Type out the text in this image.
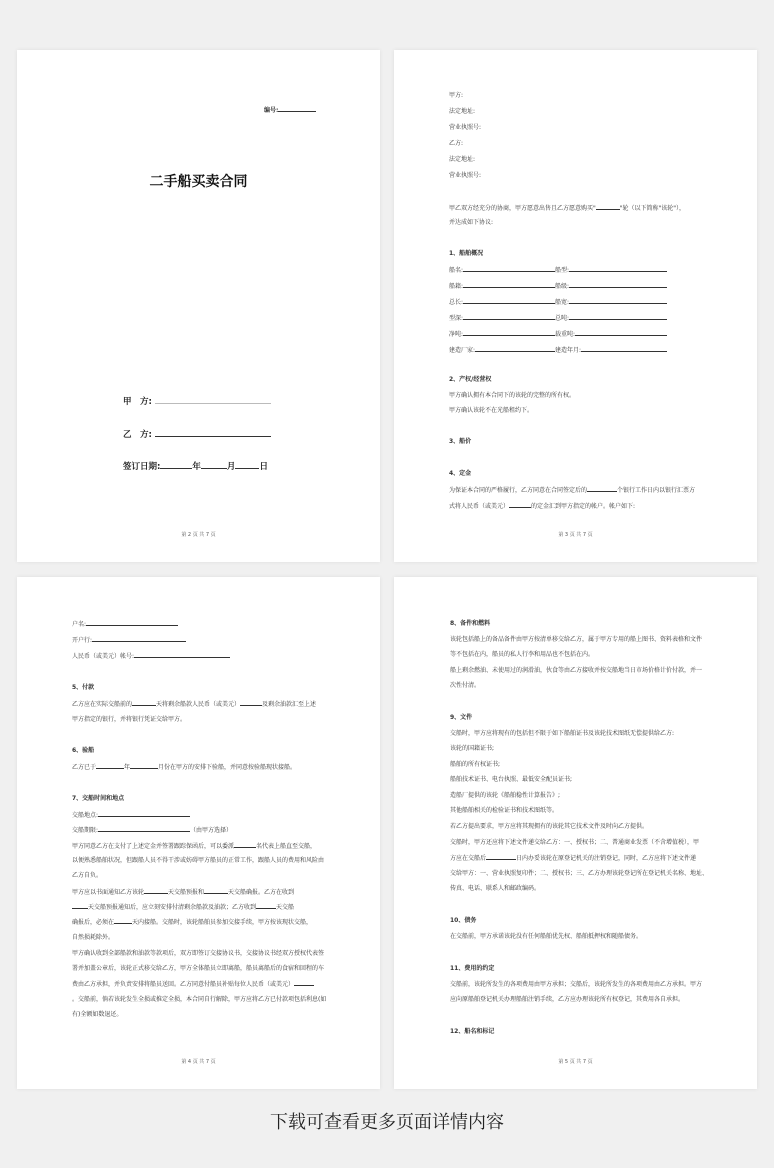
编号:
二手船买卖合同
甲　方:
乙　方:
签订日期:	年	月	日
第 2 页 共 7 页
甲方:
法定地址:
营业执照号:
乙方:
法定地址:
营业执照号:
甲乙双方经充分的协商，甲方愿意出售且乙方愿意购买"	"轮（以下简称"该轮"），
并达成如下协议:
1、船舶概况
船名:	船型:
船籍:	船级:
总长:	船宽:
型深:	总吨:
净吨:	载重吨:
建造厂家:	建造年月:
2、产权/经营权
甲方确认拥有本合同下的该轮的完整的所有权。
甲方确认该轮不在光船租约下。
3、船价
4、定金
为保证本合同的严格履行，乙方同意在合同签定后的	个银行工作日内以银行汇票方
式将人民币（或美元）	的定金汇到甲方指定的帐户。帐户如下:
第 3 页 共 7 页
户名:
开户行:
人民币（或美元）帐号:
5、付款
乙方应在实际交船前的	天将剩余船款人民币（或美元）	及剩余油款汇至上述
甲方指定的银行，并将银行凭证交给甲方。
6、验船
乙方已于	年	月份在甲方的安排下验船，并同意按验船现状接船。
7、交船时间和地点
交船地点:
交船期限:	（由甲方选择）
甲方同意乙方在支付了上述定金并签署跟踪保函后，可以委派	名代表上船直至交船，
以便熟悉船舶状况，但跟船人员不得干涉或妨碍甲方船员的正常工作，跟船人员的费用和风险由
乙方自负。
甲方应以书面通知乙方该轮	天交船预报和	天交船确报。乙方在收到
天交船预报通知后，应立刻安排付清剩余船款及油款；乙方收到	天交船
确报后，必须在	天内接船。交船时，该轮船舶员参加交接手续，甲方按该现状交船，
自然损耗除外。
甲方确认收到全部船款和油款等款项后，双方即签订交接协议书，交接协议书经双方授权代表签
署并加盖公章后，该轮正式移交给乙方，甲方全体船员立即离船，船员离船后的食宿和回程的车
费由乙方承担，并负责安排将船员送回。乙方同意付船员补贴每位人民币（或美元）
。交船前，倘若该轮发生全损或推定全损，本合同自行解除，甲方应将乙方已付款项包括利息(如
有)全额如数退还。
第 4 页 共 7 页
8、备件和燃料
该轮包括船上的备品备件由甲方按清单移交给乙方，属于甲方专用的船上图书、资料表格和文件
等不包括在内，船员的私人行李和用品也不包括在内。
船上剩余燃油、未使用过的润滑油，伙食等由乙方接收并按交船地当日市场价格计价付款，并一
次性付清。
9、文件
交船时，甲方应将现有的包括但不限于如下船舶证书及该轮技术图纸无偿提供给乙方:
该轮的国籍证书;
船舶的所有权证书;
船舶技术证书、电台执照、最低安全配员证书;
造船厂提供的该轮《船舶稳性计算报告》;
其他船舶相关的检验证书和技术图纸等。
若乙方提出要求，甲方应将其现拥有的该轮其它技术文件及时向乙方提供。
交船时，甲方还应将下述文件递交给乙方：一、授权书；二、普通商业发票（不含增值税），甲
方应在交船后	日内办妥该轮在原登记机关的注销登记，同时，乙方应将下述文件递
交给甲方：一、营业执照复印件；二、授权书；三、乙方办理该轮登记所在登记机关名称、地址、
传真、电话、联系人和邮政编码。
10、债务
在交船前，甲方承诺该轮没有任何船舶优先权、船舶抵押权和随船债务。
11、费用的约定
交船前，该轮所发生的各项费用由甲方承担；交船后，该轮所发生的各项费用由乙方承担。甲方
应向原船舶登记机关办理船舶注销手续，乙方应办理该轮所有权登记，其费用各自承担。
12、船名和标记
第 5 页 共 7 页
下载可查看更多页面详情内容
